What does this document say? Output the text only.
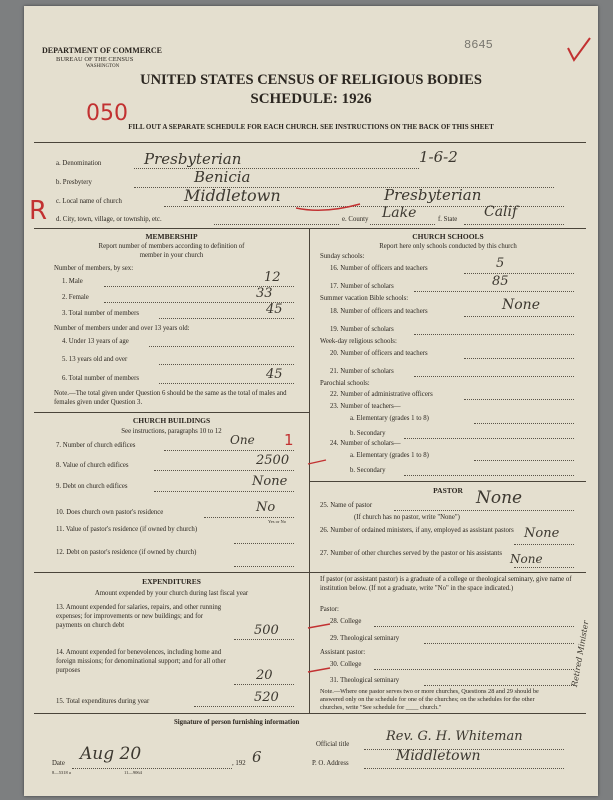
DEPARTMENT OF COMMERCE
BUREAU OF THE CENSUS
WASHINGTON
8645
UNITED STATES CENSUS OF RELIGIOUS BODIES
SCHEDULE: 1926
050
FILL OUT A SEPARATE SCHEDULE FOR EACH CHURCH. SEE INSTRUCTIONS ON THE BACK OF THIS SHEET
a. Denomination	Presbyterian	1-6-2
b. Presbytery	Benicia
c. Local name of church	Middletown	Presbyterian
R d. City, town, village, or township, etc.	e. County Lake	f. State Calif
MEMBERSHIP
Report number of members according to definition of
member in your church
Number of members, by sex:
1. Male	12
2. Female	33
3. Total number of members	45
Number of members under and over 13 years old:
4. Under 13 years of age
5. 13 years old and over
6. Total number of members	45
Note.—The total given under Question 6 should be the same as the total of males and females given under Question 3.
CHURCH BUILDINGS
See instructions, paragraphs 10 to 12
7. Number of church edifices	One 1
8. Value of church edifices	2500
9. Debt on church edifices	None
10. Does church own pastor's residence	No
Yes or No
11. Value of pastor's residence (if owned by church)
12. Debt on pastor's residence (if owned by church)
EXPENDITURES
Amount expended by your church during last fiscal year
13. Amount expended for salaries, repairs, and other running expenses; for improvements or new buildings; and for payments on church debt	500
14. Amount expended for benevolences, including home and foreign missions; for denominational support; and for all other purposes	20
15. Total expenditures during year	520
CHURCH SCHOOLS
Report here only schools conducted by this church
Sunday schools:
16. Number of officers and teachers	5
17. Number of scholars	85
Summer vacation Bible schools:
18. Number of officers and teachers	None
19. Number of scholars
Week-day religious schools:
20. Number of officers and teachers
21. Number of scholars
Parochial schools:
22. Number of administrative officers
23. Number of teachers—
a. Elementary (grades 1 to 8)
b. Secondary
24. Number of scholars—
a. Elementary (grades 1 to 8)
b. Secondary
PASTOR
25. Name of pastor	None
(If church has no pastor, write "None")
26. Number of ordained ministers, if any, employed as assistant pastors None
27. Number of other churches served by the pastor or his assistants None
If pastor (or assistant pastor) is a graduate of a college or theological seminary, give name of institution below. (If not a graduate, write "No" in the space indicated.)
Pastor:
28. College
29. Theological seminary
Assistant pastor:
30. College
31. Theological seminary
Note.—Where one pastor serves two or more churches, Questions 28 and 29 should be answered only on the schedule for one of the churches; on the schedules for the other churches, write "See schedule for ____ church."
Retired Minister
Signature of person furnishing information
Official title
Rev. G. H. Whiteman
Date Aug 20	, 192 6	P. O. Address	Middletown
8—5318 a	11—9064
